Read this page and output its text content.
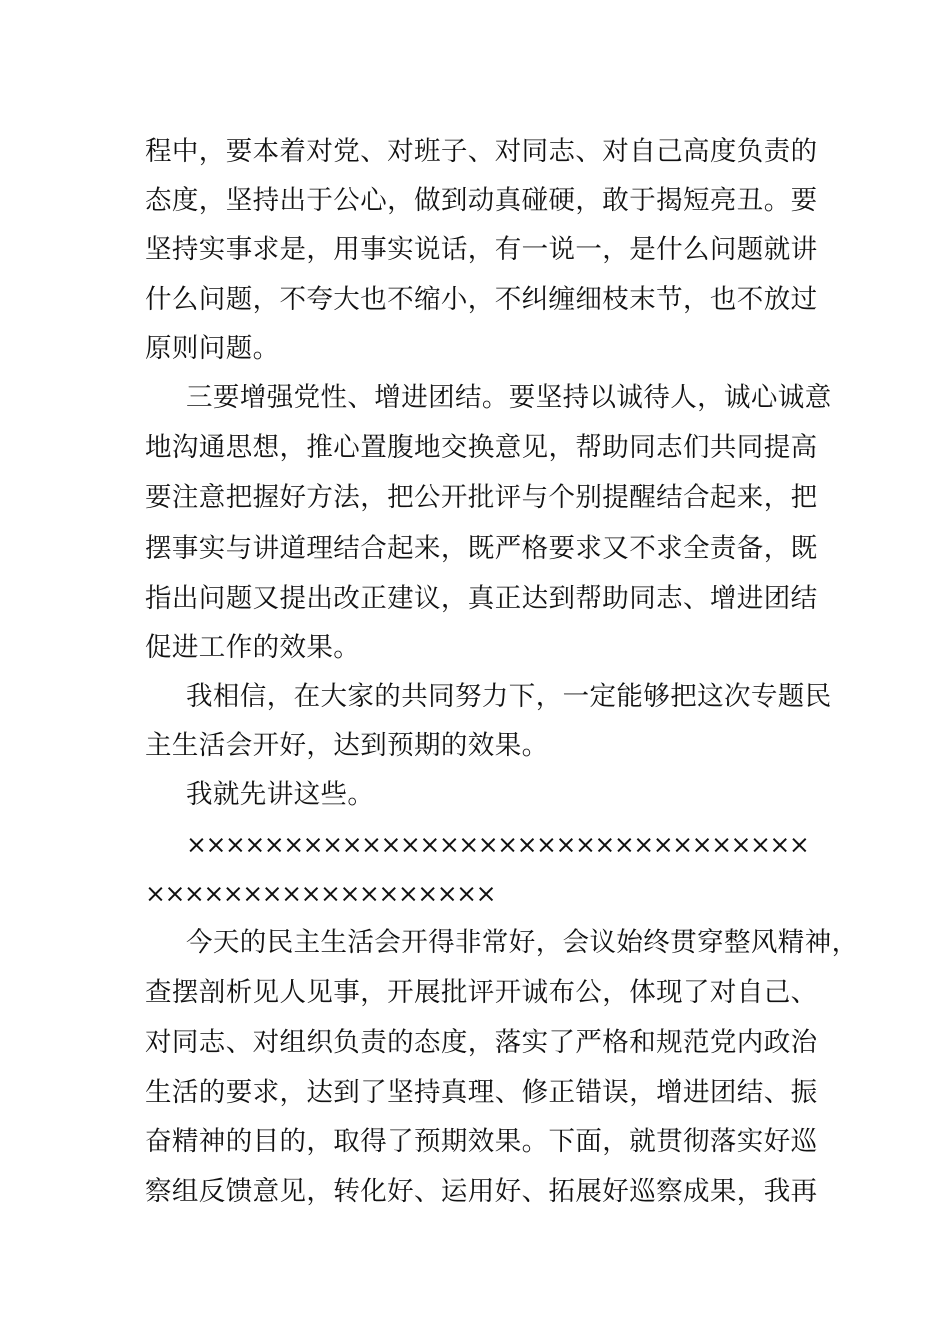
程中，要本着对党、对班子、对同志、对自己高度负责的
态度，坚持出于公心，做到动真碰硬，敢于揭短亮丑。要
坚持实事求是，用事实说话，有一说一，是什么问题就讲
什么问题，不夸大也不缩小，不纠缠细枝末节，也不放过
原则问题。
三要增强党性、增进团结。要坚持以诚待人，诚心诚意
地沟通思想，推心置腹地交换意见，帮助同志们共同提高
要注意把握好方法，把公开批评与个别提醒结合起来，把
摆事实与讲道理结合起来，既严格要求又不求全责备，既
指出问题又提出改正建议，真正达到帮助同志、增进团结
促进工作的效果。
我相信，在大家的共同努力下，一定能够把这次专题民
主生活会开好，达到预期的效果。
我就先讲这些。
××××××××××××××××××××××××××××××××
××××××××××××××××××
今天的民主生活会开得非常好，会议始终贯穿整风精神，
查摆剖析见人见事，开展批评开诚布公，体现了对自己、
对同志、对组织负责的态度，落实了严格和规范党内政治
生活的要求，达到了坚持真理、修正错误，增进团结、振
奋精神的目的，取得了预期效果。下面，就贯彻落实好巡
察组反馈意见，转化好、运用好、拓展好巡察成果，我再
